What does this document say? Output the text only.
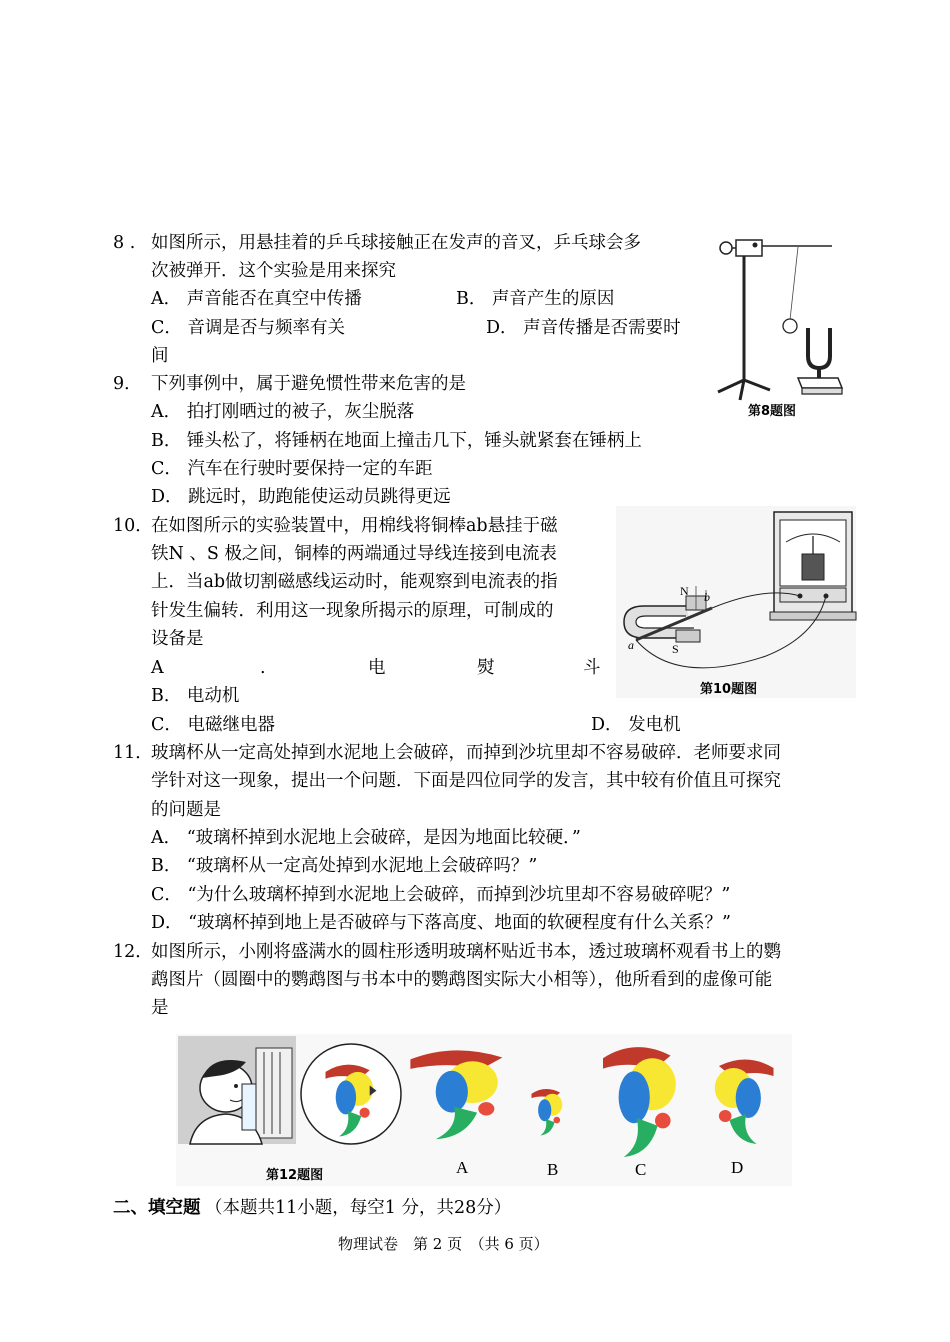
8 . 如图所示，用悬挂着的乒乓球接触正在发声的音叉，乒乓球会多
次被弹开．这个实验是用来探究
A． 声音能否在真空中传播	B． 声音产生的原因
C． 音调是否与频率有关	D． 声音传播是否需要时
间
第8题图
9． 下列事例中，属于避免惯性带来危害的是
A． 拍打刚晒过的被子，灰尘脱落
B． 锤头松了，将锤柄在地面上撞击几下，锤头就紧套在锤柄上
C． 汽车在行驶时要保持一定的车距
D． 跳远时，助跑能使运动员跳得更远
10．
在如图所示的实验装置中，用棉线将铜棒ab悬挂于磁
铁N 、S 极之间，铜棒的两端通过导线连接到电流表
上．当ab做切割磁感线运动时，能观察到电流表的指
针发生偏转．利用这一现象所揭示的原理，可制成的
设备是
A	.	电	熨	斗
B． 电动机
C． 电磁继电器	D． 发电机
N b
S
a
第10题图
11．
玻璃杯从一定高处掉到水泥地上会破碎，而掉到沙坑里却不容易破碎．老师要求同
学针对这一现象，提出一个问题．下面是四位同学的发言，其中较有价值且可探究
的问题是
A． “玻璃杯掉到水泥地上会破碎，是因为地面比较硬．”
B． “玻璃杯从一定高处掉到水泥地上会破碎吗？”
C． “为什么玻璃杯掉到水泥地上会破碎，而掉到沙坑里却不容易破碎呢？”
D． “玻璃杯掉到地上是否破碎与下落高度、地面的软硬程度有什么关系？”
12．
如图所示，小刚将盛满水的圆柱形透明玻璃杯贴近书本，透过玻璃杯观看书上的鹦
鹉图片（圆圈中的鹦鹉图与书本中的鹦鹉图实际大小相等），他所看到的虚像可能
是
第12题图	A	B	C	D
二、填空题 （本题共11小题，每空1 分，共28分）
物理试卷　第 2 页　（共 6 页）
